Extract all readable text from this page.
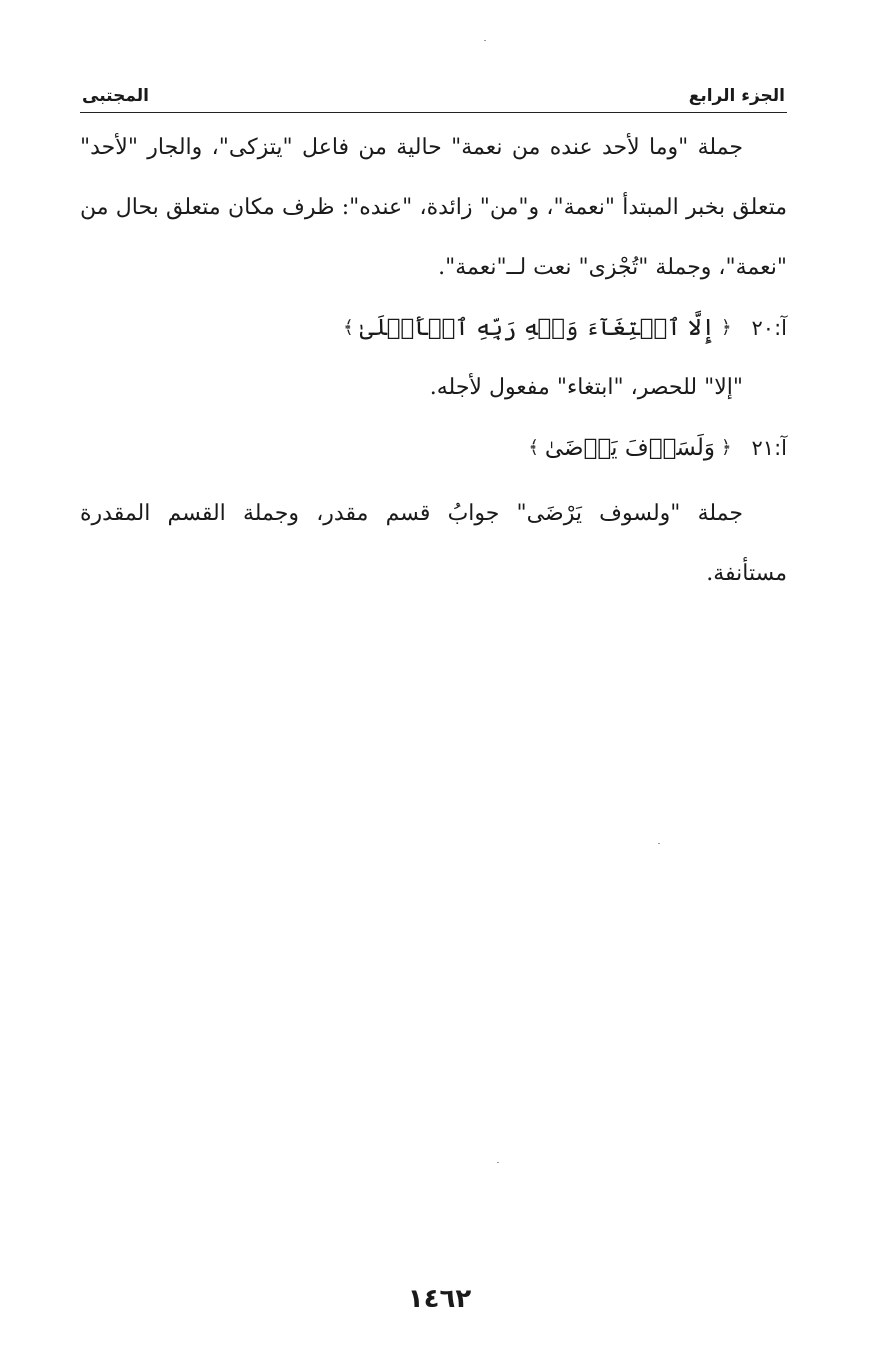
الجزء الرابع
المجتبى

جملة "وما لأحد عنده من نعمة" حالية من فاعل "يتزكى"، والجار "لأحد" متعلق بخبر المبتدأ "نعمة"، و"من" زائدة، "عنده": ظرف مكان متعلق بحال من "نعمة"، وجملة "تُجْزى" نعت لــ"نعمة".

آ:٢٠
﴿
إِلَّا ٱبۡتِغَآءَ وَجۡهِ رَبِّهِ ٱلۡأَعۡلَىٰ
﴾

"إلا" للحصر، "ابتغاء" مفعول لأجله.

آ:٢١
﴿
وَلَسَوۡفَ يَرۡضَىٰ
﴾

جملة "ولسوف يَرْضَى" جوابُ قسم مقدر، وجملة القسم المقدرة مستأنفة.

١٤٦٢
